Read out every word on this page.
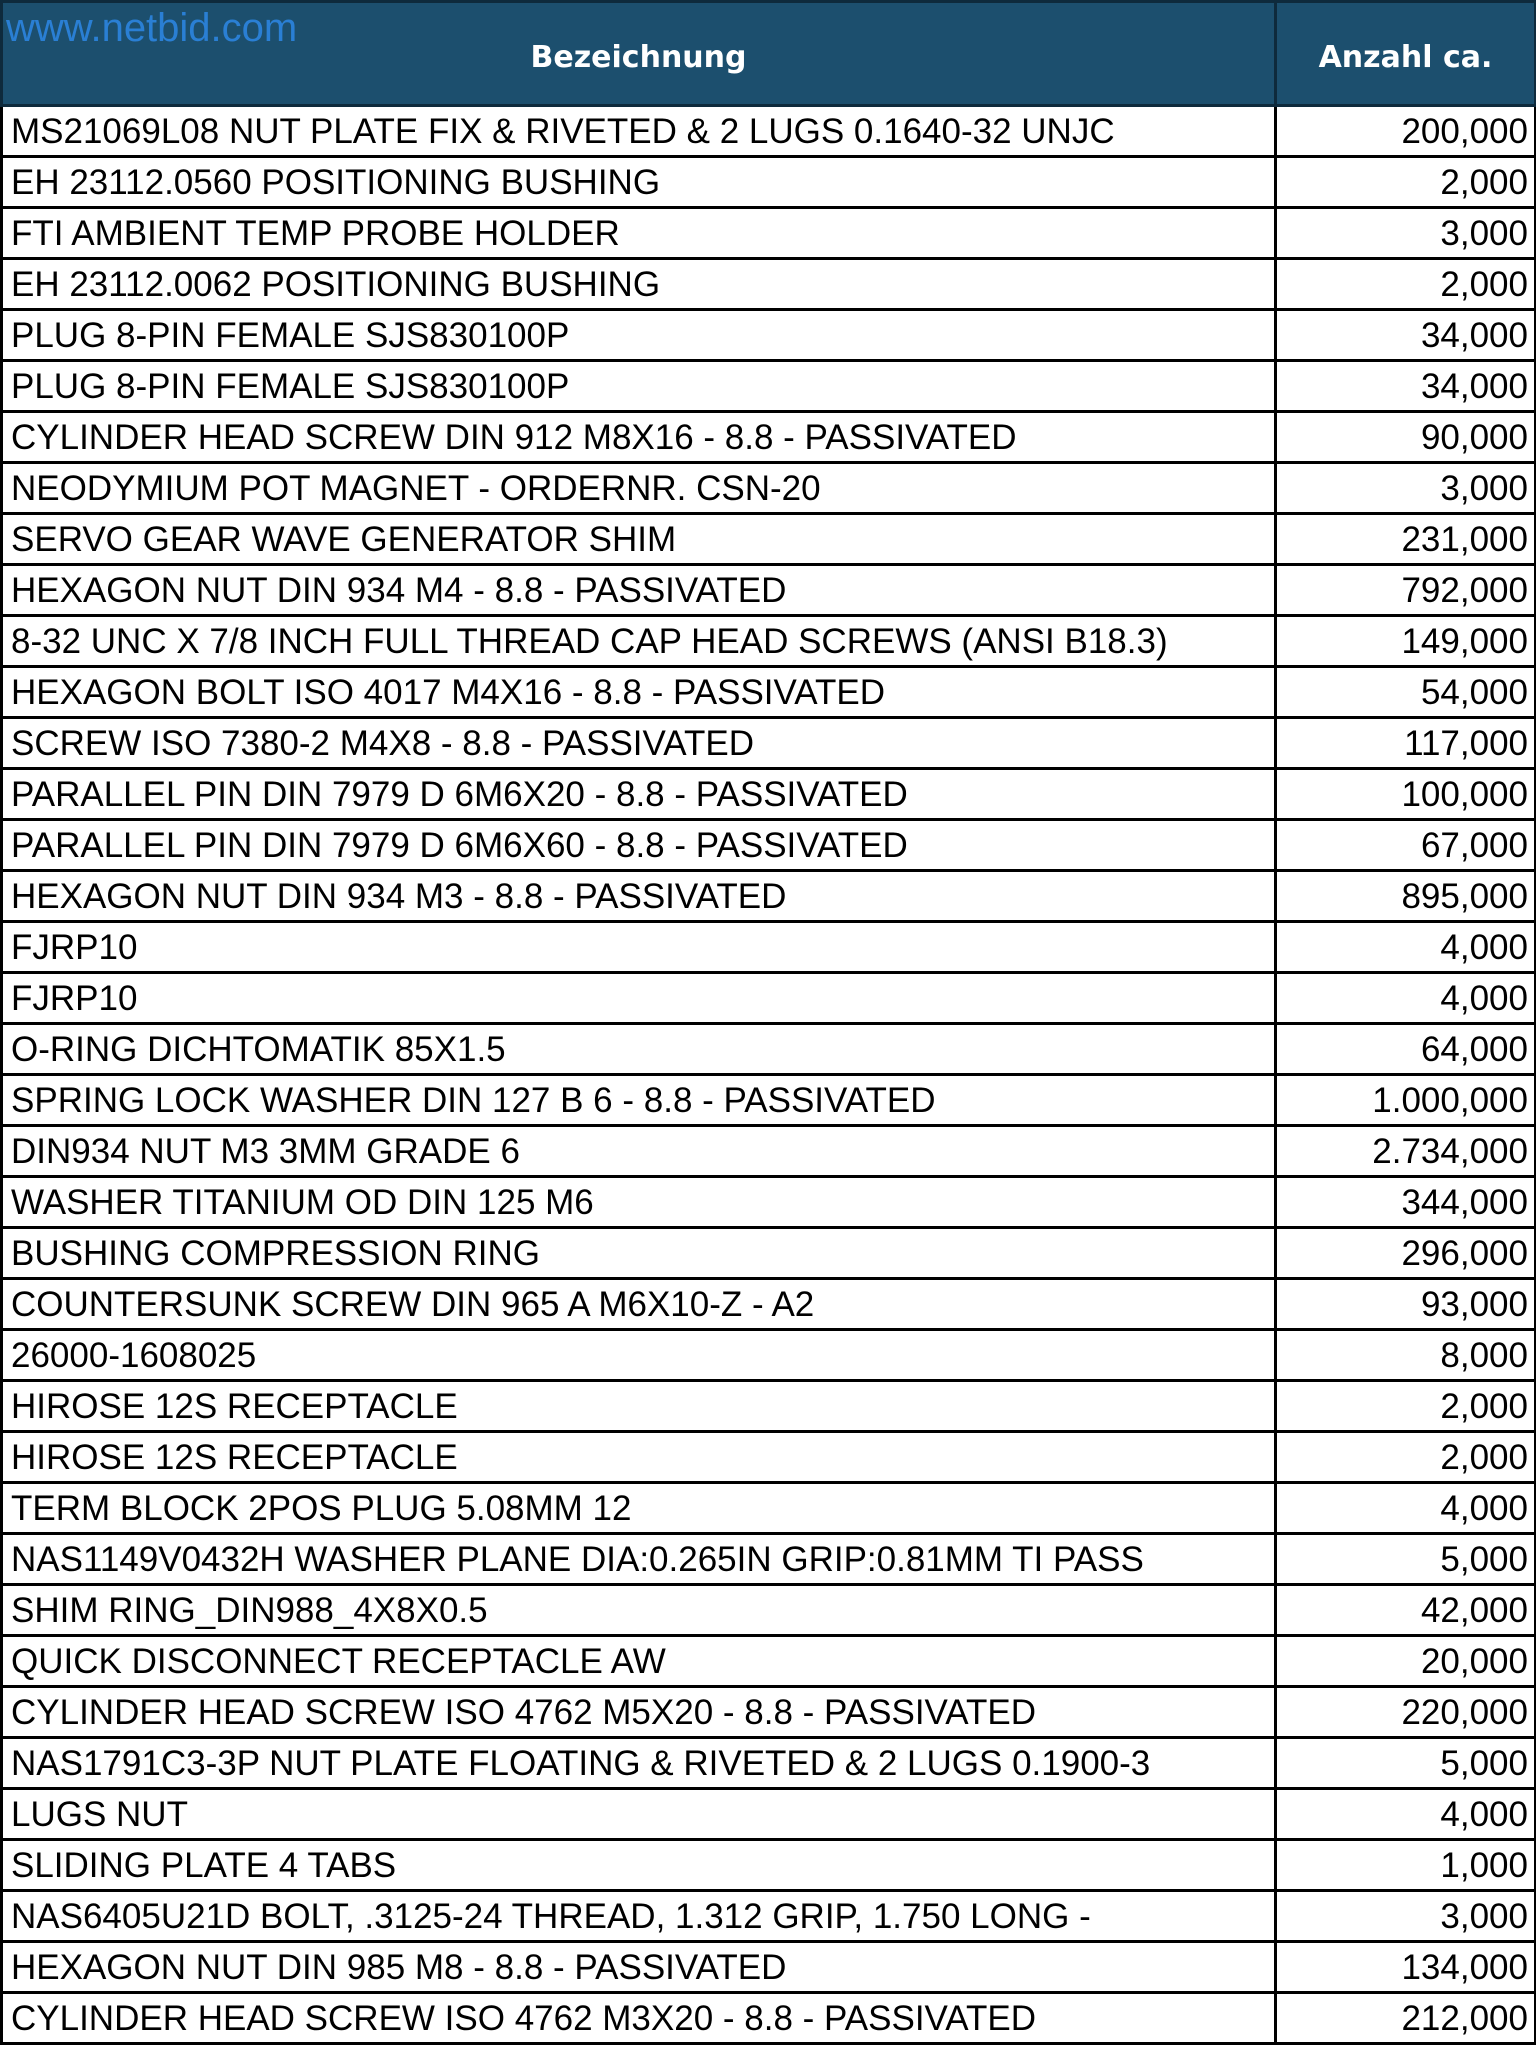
www.netbid.com
Bezeichnung	Anzahl ca.
MS21069L08 NUT PLATE FIX & RIVETED & 2 LUGS 0.1640-32 UNJC	200,000
EH 23112.0560 POSITIONING BUSHING	2,000
FTI AMBIENT TEMP PROBE HOLDER	3,000
EH 23112.0062 POSITIONING BUSHING	2,000
PLUG 8-PIN FEMALE SJS830100P	34,000
PLUG 8-PIN FEMALE SJS830100P	34,000
CYLINDER HEAD SCREW DIN 912 M8X16 - 8.8 - PASSIVATED	90,000
NEODYMIUM POT MAGNET - ORDERNR. CSN-20	3,000
SERVO GEAR WAVE GENERATOR SHIM	231,000
HEXAGON NUT DIN 934 M4 - 8.8 - PASSIVATED	792,000
8-32 UNC X 7/8 INCH FULL THREAD CAP HEAD SCREWS (ANSI B18.3)	149,000
HEXAGON BOLT ISO 4017 M4X16 - 8.8 - PASSIVATED	54,000
SCREW ISO 7380-2 M4X8 - 8.8 - PASSIVATED	117,000
PARALLEL PIN DIN 7979 D 6M6X20 - 8.8 - PASSIVATED	100,000
PARALLEL PIN DIN 7979 D 6M6X60 - 8.8 - PASSIVATED	67,000
HEXAGON NUT DIN 934 M3 - 8.8 - PASSIVATED	895,000
FJRP10	4,000
FJRP10	4,000
O-RING DICHTOMATIK 85X1.5	64,000
SPRING LOCK WASHER DIN 127 B 6 - 8.8 - PASSIVATED	1.000,000
DIN934 NUT M3 3MM GRADE 6	2.734,000
WASHER TITANIUM OD DIN 125 M6	344,000
BUSHING COMPRESSION RING	296,000
COUNTERSUNK SCREW DIN 965 A M6X10-Z - A2	93,000
26000-1608025	8,000
HIROSE 12S RECEPTACLE	2,000
HIROSE 12S RECEPTACLE	2,000
TERM BLOCK 2POS PLUG 5.08MM 12	4,000
NAS1149V0432H WASHER PLANE DIA:0.265IN GRIP:0.81MM TI PASS	5,000
SHIM RING_DIN988_4X8X0.5	42,000
QUICK DISCONNECT RECEPTACLE AW	20,000
CYLINDER HEAD SCREW ISO 4762 M5X20 - 8.8 - PASSIVATED	220,000
NAS1791C3-3P NUT PLATE FLOATING & RIVETED & 2 LUGS 0.1900-3	5,000
LUGS NUT	4,000
SLIDING PLATE 4 TABS	1,000
NAS6405U21D BOLT, .3125-24 THREAD, 1.312 GRIP, 1.750 LONG -	3,000
HEXAGON NUT DIN 985 M8 - 8.8 - PASSIVATED	134,000
CYLINDER HEAD SCREW ISO 4762 M3X20 - 8.8 - PASSIVATED	212,000
